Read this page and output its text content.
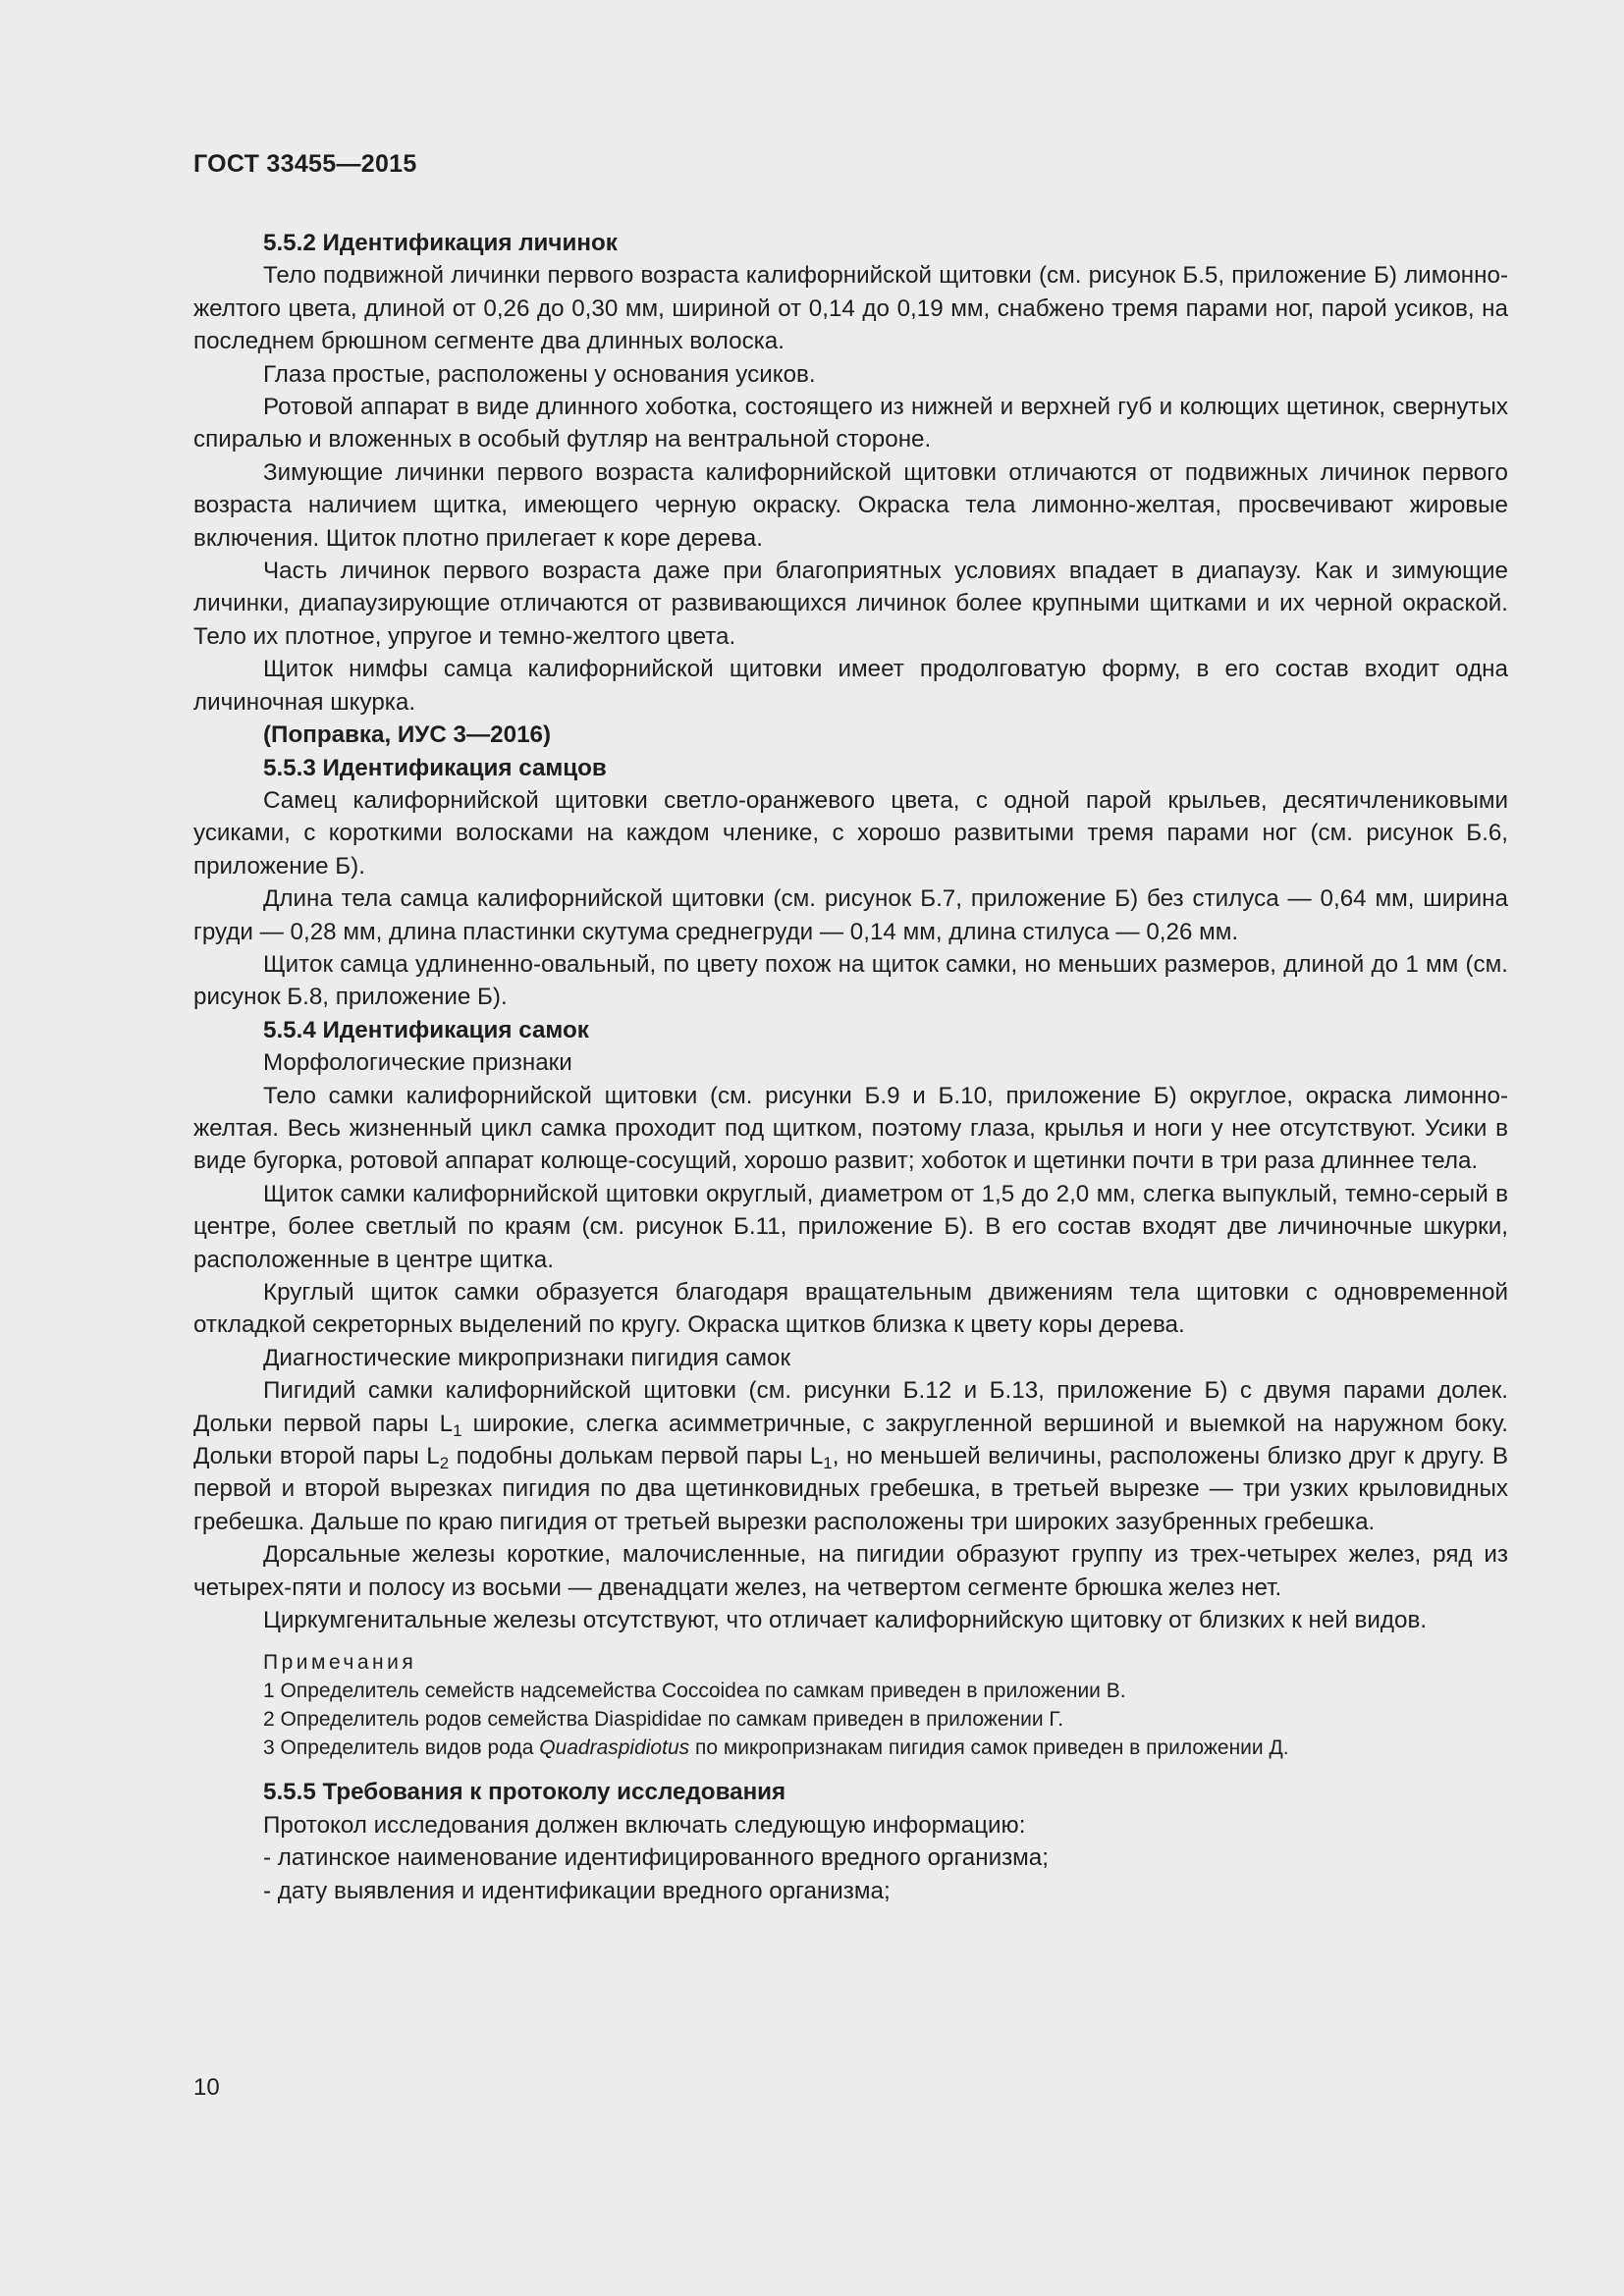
ГОСТ 33455—2015

5.5.2 Идентификация личинок

Тело подвижной личинки первого возраста калифорнийской щитовки (см. рисунок Б.5, приложение Б) лимонно-желтого цвета, длиной от 0,26 до 0,30 мм, шириной от 0,14 до 0,19 мм, снабжено тремя парами ног, парой усиков, на последнем брюшном сегменте два длинных волоска.

Глаза простые, расположены у основания усиков.

Ротовой аппарат в виде длинного хоботка, состоящего из нижней и верхней губ и колющих щетинок, свернутых спиралью и вложенных в особый футляр на вентральной стороне.

Зимующие личинки первого возраста калифорнийской щитовки отличаются от подвижных личинок первого возраста наличием щитка, имеющего черную окраску. Окраска тела лимонно-желтая, просвечивают жировые включения. Щиток плотно прилегает к коре дерева.

Часть личинок первого возраста даже при благоприятных условиях впадает в диапаузу. Как и зимующие личинки, диапаузирующие отличаются от развивающихся личинок более крупными щитками и их черной окраской. Тело их плотное, упругое и темно-желтого цвета.

Щиток нимфы самца калифорнийской щитовки имеет продолговатую форму, в его состав входит одна личиночная шкурка.

(Поправка, ИУС 3—2016)

5.5.3 Идентификация самцов

Самец калифорнийской щитовки светло-оранжевого цвета, с одной парой крыльев, десятичлениковыми усиками, с короткими волосками на каждом членике, с хорошо развитыми тремя парами ног (см. рисунок Б.6, приложение Б).

Длина тела самца калифорнийской щитовки (см. рисунок Б.7, приложение Б) без стилуса — 0,64 мм, ширина груди — 0,28 мм, длина пластинки скутума среднегруди — 0,14 мм, длина стилуса — 0,26 мм.

Щиток самца удлиненно-овальный, по цвету похож на щиток самки, но меньших размеров, длиной до 1 мм (см. рисунок Б.8, приложение Б).

5.5.4 Идентификация самок

Морфологические признаки

Тело самки калифорнийской щитовки (см. рисунки Б.9 и Б.10, приложение Б) округлое, окраска лимонно-желтая. Весь жизненный цикл самка проходит под щитком, поэтому глаза, крылья и ноги у нее отсутствуют. Усики в виде бугорка, ротовой аппарат колюще-сосущий, хорошо развит; хоботок и щетинки почти в три раза длиннее тела.

Щиток самки калифорнийской щитовки округлый, диаметром от 1,5 до 2,0 мм, слегка выпуклый, темно-серый в центре, более светлый по краям (см. рисунок Б.11, приложение Б). В его состав входят две личиночные шкурки, расположенные в центре щитка.

Круглый щиток самки образуется благодаря вращательным движениям тела щитовки с одновременной откладкой секреторных выделений по кругу. Окраска щитков близка к цвету коры дерева.

Диагностические микропризнаки пигидия самок

Пигидий самки калифорнийской щитовки (см. рисунки Б.12 и Б.13, приложение Б) с двумя парами долек. Дольки первой пары $L_1$ широкие, слегка асимметричные, с закругленной вершиной и выемкой на наружном боку. Дольки второй пары $L_2$ подобны долькам первой пары $L_1$, но меньшей величины, расположены близко друг к другу. В первой и второй вырезках пигидия по два щетинковидных гребешка, в третьей вырезке — три узких крыловидных гребешка. Дальше по краю пигидия от третьей вырезки расположены три широких зазубренных гребешка.

Дорсальные железы короткие, малочисленные, на пигидии образуют группу из трех-четырех желез, ряд из четырех-пяти и полосу из восьми — двенадцати желез, на четвертом сегменте брюшка желез нет.

Циркумгенитальные железы отсутствуют, что отличает калифорнийскую щитовку от близких к ней видов.

Примечания
1 Определитель семейств надсемейства Coccoidea по самкам приведен в приложении В.
2 Определитель родов семейства Diaspididae по самкам приведен в приложении Г.
3 Определитель видов рода Quadraspidiotus по микропризнакам пигидия самок приведен в приложении Д.

5.5.5 Требования к протоколу исследования

Протокол исследования должен включать следующую информацию:

- латинское наименование идентифицированного вредного организма;

- дату выявления и идентификации вредного организма;

10
